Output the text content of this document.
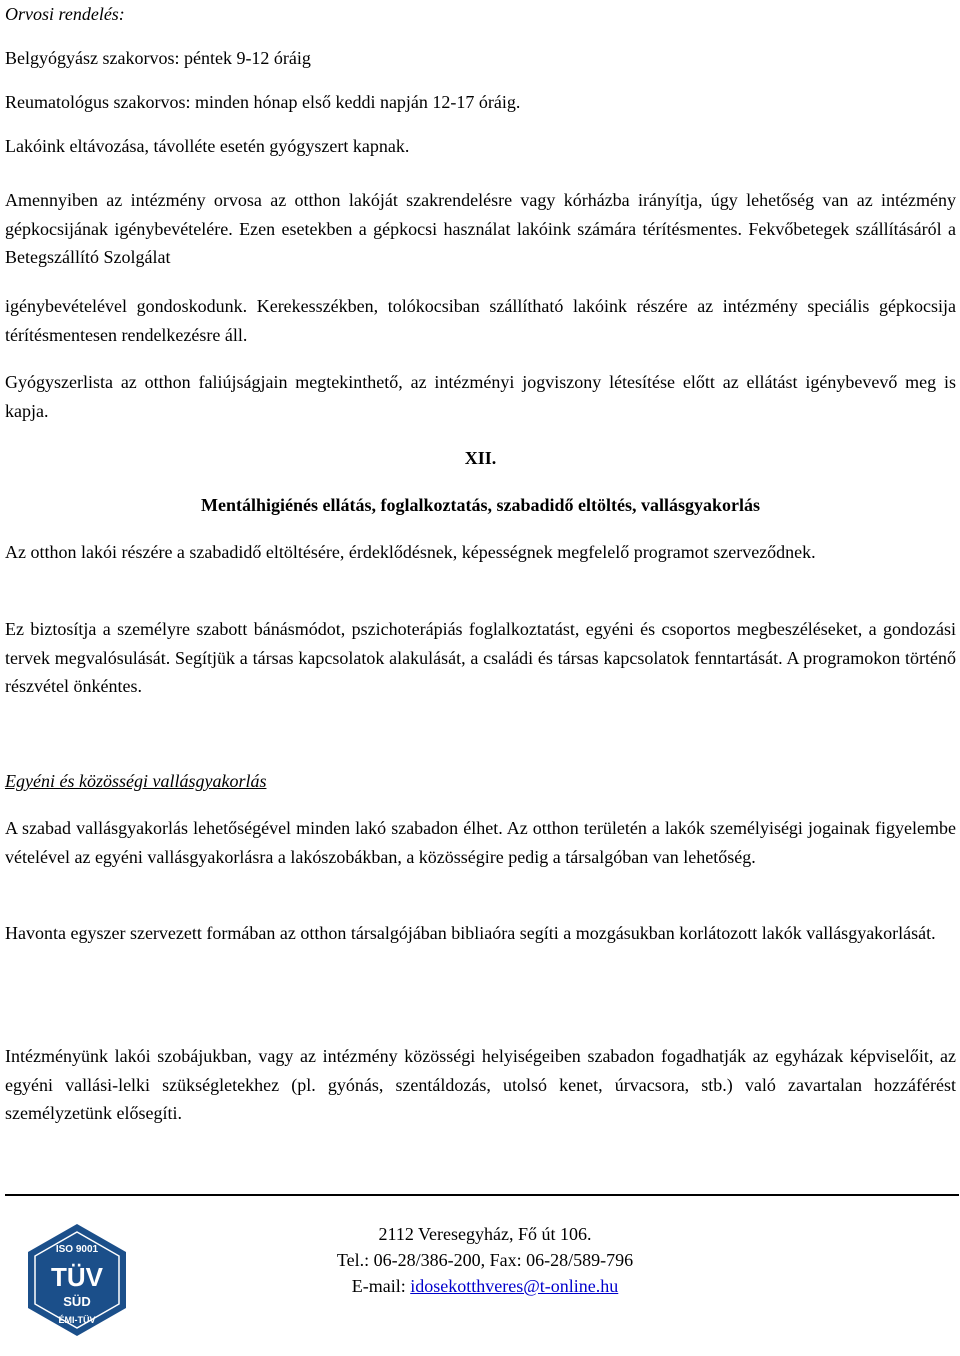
Orvosi rendelés:

Belgyógyász szakorvos: péntek 9-12 óráig

Reumatológus szakorvos: minden hónap első keddi napján 12-17 óráig.

Lakóink eltávozása, távolléte esetén gyógyszert kapnak.

Amennyiben az intézmény orvosa az otthon lakóját szakrendelésre vagy kórházba irányítja, úgy lehetőség van az intézmény gépkocsijának igénybevételére. Ezen esetekben a gépkocsi használat lakóink számára térítésmentes. Fekvőbetegek szállításáról a Betegszállító Szolgálat

igénybevételével gondoskodunk. Kerekesszékben, tolókocsiban szállítható lakóink részére az intézmény speciális gépkocsija térítésmentesen rendelkezésre áll.

Gyógyszerlista az otthon faliújságjain megtekinthető, az intézményi jogviszony létesítése előtt az ellátást igénybevevő meg is kapja.

XII.

Mentálhigiénés ellátás, foglalkoztatás, szabadidő eltöltés, vallásgyakorlás

Az otthon lakói részére a szabadidő eltöltésére, érdeklődésnek, képességnek megfelelő programot szerveződnek.

Ez biztosítja a személyre szabott bánásmódot, pszichoterápiás foglalkoztatást, egyéni és csoportos megbeszéléseket, a gondozási tervek megvalósulását. Segítjük a társas kapcsolatok alakulását, a családi és társas kapcsolatok fenntartását. A programokon történő részvétel önkéntes.

Egyéni és közösségi vallásgyakorlás

A szabad vallásgyakorlás lehetőségével minden lakó szabadon élhet. Az otthon területén a lakók személyiségi jogainak figyelembe vételével az egyéni vallásgyakorlásra a lakószobákban, a közösségire pedig a társalgóban van lehetőség.

Havonta egyszer szervezett formában az otthon társalgójában bibliaóra segíti a mozgásukban korlátozott lakók vallásgyakorlását.

Intézményünk lakói szobájukban, vagy az intézmény közösségi helyiségeiben szabadon fogadhatják az egyházak képviselőit, az egyéni vallási-lelki szükségletekhez (pl. gyónás, szentáldozás, utolsó kenet, úrvacsora, stb.) való zavartalan hozzáférést személyzetünk elősegíti.

ISO 9001
TÜV
SÜD
ÉMI-TÜV
2112 Veresegyház, Fő út 106.
Tel.: 06-28/386-200, Fax: 06-28/589-796
E-mail: idosekotthveres@t-online.hu
